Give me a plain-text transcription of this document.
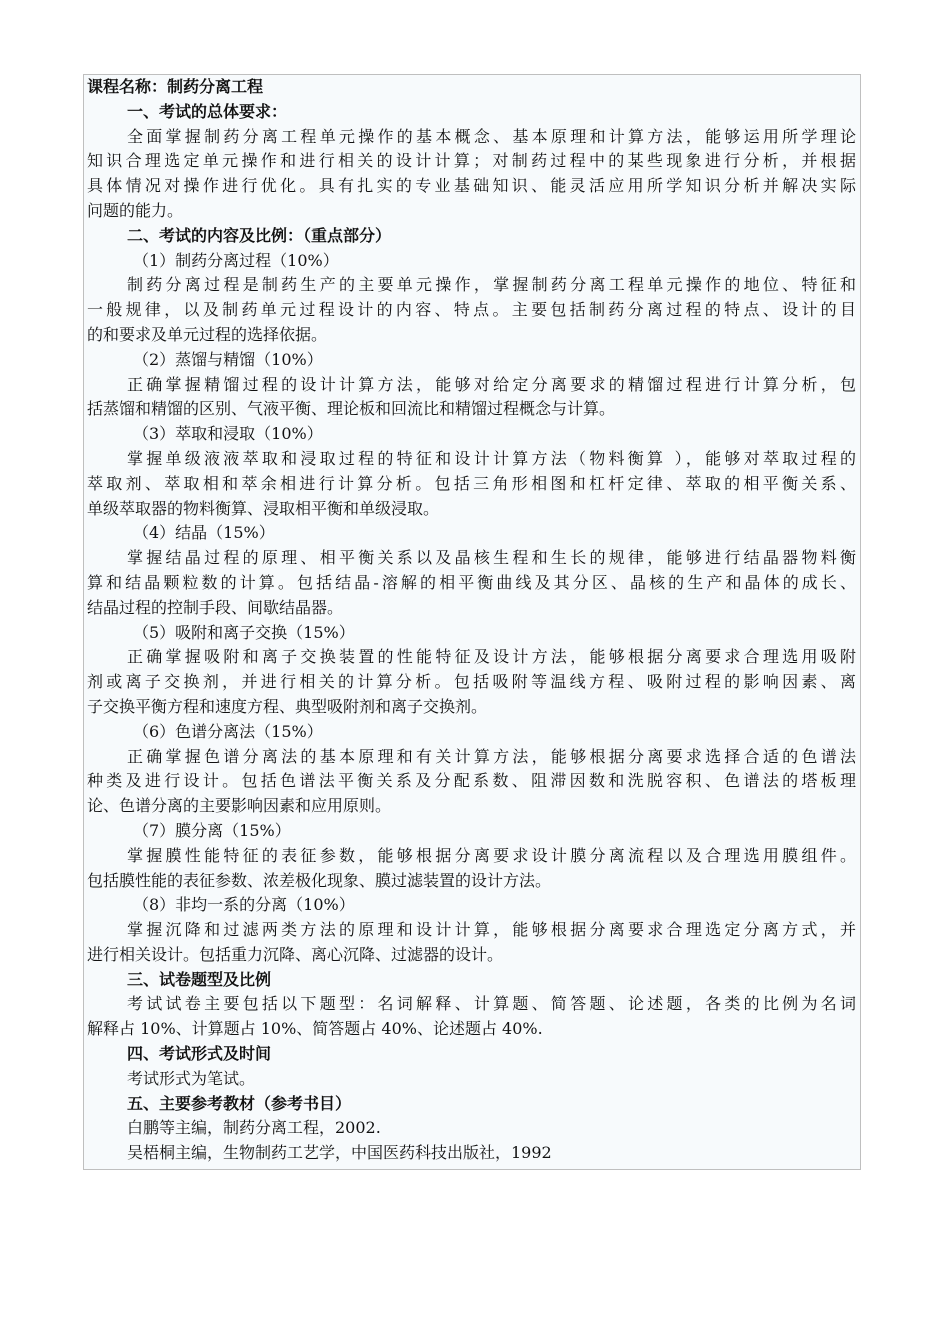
课程名称：制药分离工程
一、考试的总体要求：
全面掌握制药分离工程单元操作的基本概念、基本原理和计算方法，能够运用所学理论
知识合理选定单元操作和进行相关的设计计算；对制药过程中的某些现象进行分析，并根据
具体情况对操作进行优化。具有扎实的专业基础知识、能灵活应用所学知识分析并解决实际
问题的能力。
二、考试的内容及比例：（重点部分）
（1）制药分离过程（10%）
制药分离过程是制药生产的主要单元操作，掌握制药分离工程单元操作的地位、特征和
一般规律，以及制药单元过程设计的内容、特点。主要包括制药分离过程的特点、设计的目
的和要求及单元过程的选择依据。
（2）蒸馏与精馏（10%）
正确掌握精馏过程的设计计算方法，能够对给定分离要求的精馏过程进行计算分析，包
括蒸馏和精馏的区别、气液平衡、理论板和回流比和精馏过程概念与计算。
（3）萃取和浸取（10%）
掌握单级液液萃取和浸取过程的特征和设计计算方法（物料衡算 ），能够对萃取过程的
萃取剂、萃取相和萃余相进行计算分析。包括三角形相图和杠杆定律、萃取的相平衡关系、
单级萃取器的物料衡算、浸取相平衡和单级浸取。
（4）结晶（15%）
掌握结晶过程的原理、相平衡关系以及晶核生程和生长的规律，能够进行结晶器物料衡
算和结晶颗粒数的计算。包括结晶-溶解的相平衡曲线及其分区、晶核的生产和晶体的成长、
结晶过程的控制手段、间歇结晶器。
（5）吸附和离子交换（15%）
正确掌握吸附和离子交换装置的性能特征及设计方法，能够根据分离要求合理选用吸附
剂或离子交换剂，并进行相关的计算分析。包括吸附等温线方程、吸附过程的影响因素、离
子交换平衡方程和速度方程、典型吸附剂和离子交换剂。
（6）色谱分离法（15%）
正确掌握色谱分离法的基本原理和有关计算方法，能够根据分离要求选择合适的色谱法
种类及进行设计。包括色谱法平衡关系及分配系数、阻滞因数和洗脱容积、色谱法的塔板理
论、色谱分离的主要影响因素和应用原则。
（7）膜分离（15%）
掌握膜性能特征的表征参数，能够根据分离要求设计膜分离流程以及合理选用膜组件。
包括膜性能的表征参数、浓差极化现象、膜过滤装置的设计方法。
（8）非均一系的分离（10%）
掌握沉降和过滤两类方法的原理和设计计算，能够根据分离要求合理选定分离方式，并
进行相关设计。包括重力沉降、离心沉降、过滤器的设计。
三、试卷题型及比例
考试试卷主要包括以下题型：名词解释、计算题、简答题、论述题，各类的比例为名词
解释占 10%、计算题占 10%、简答题占 40%、论述题占 40%.
四、考试形式及时间
考试形式为笔试。
五、主要参考教材（参考书目）
白鹏等主编，制药分离工程，2002.
吴梧桐主编，生物制药工艺学，中国医药科技出版社，1992
